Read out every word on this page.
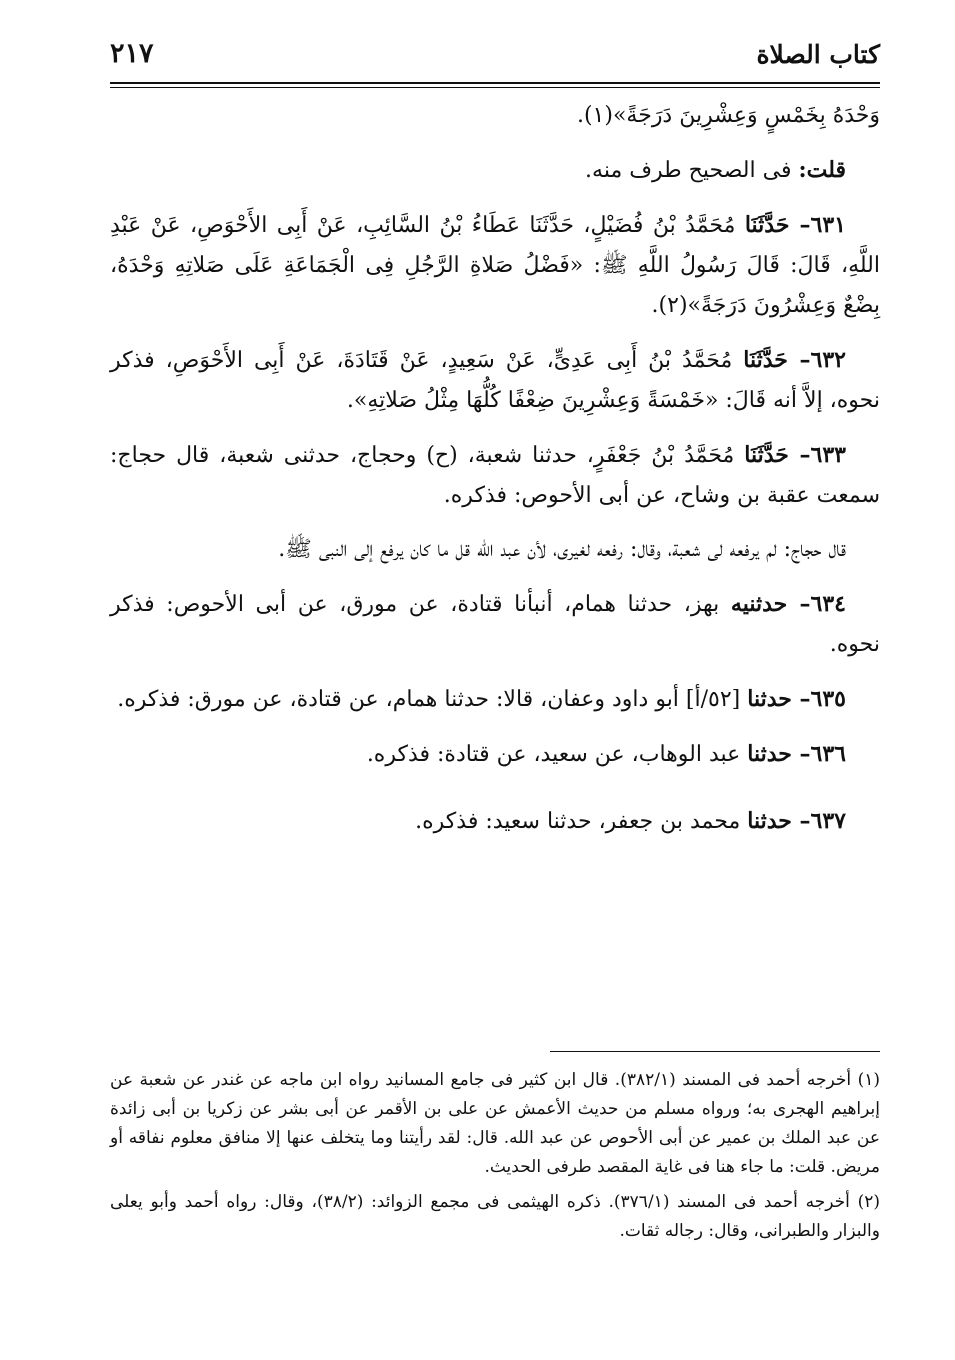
كتاب الصلاة
٢١٧

وَحْدَهُ بِخَمْسٍ وَعِشْرِينَ دَرَجَةً»(١).

قلت: فى الصحيح طرف منه.

٦٣١– حَدَّثَنَا مُحَمَّدُ بْنُ فُضَيْلٍ، حَدَّثَنَا عَطَاءُ بْنُ السَّائِبِ، عَنْ أَبِى الأَحْوَصِ، عَنْ عَبْدِ اللَّهِ، قَالَ: قَالَ رَسُولُ اللَّهِ ﷺ: «فَضْلُ صَلاةِ الرَّجُلِ فِى الْجَمَاعَةِ عَلَى صَلاتِهِ وَحْدَهُ، بِضْعٌ وَعِشْرُونَ دَرَجَةً»(٢).

٦٣٢– حَدَّثَنَا مُحَمَّدُ بْنُ أَبِى عَدِىٍّ، عَنْ سَعِيدٍ، عَنْ قَتَادَةَ، عَنْ أَبِى الأَحْوَصِ، فذكر نحوه، إلاَّ أنه قَالَ: «خَمْسَةً وَعِشْرِينَ ضِعْفًا كُلُّهَا مِثْلُ صَلاتِهِ».

٦٣٣– حَدَّثَنَا مُحَمَّدُ بْنُ جَعْفَرٍ، حدثنا شعبة، (ح) وحجاج، حدثنى شعبة، قال حجاج: سمعت عقبة بن وشاح، عن أبى الأحوص: فذكره.

قال حجاج: لم يرفعه لى شعبة، وقال: رفعه لغيرى، لأن عبد الله قل ما كان يرفع إلى النبى ﷺ.

٦٣٤– حدثنيه بهز، حدثنا همام، أنبأنا قتادة، عن مورق، عن أبى الأحوص: فذكر نحوه.

٦٣٥– حدثنا [٥٢/أ] أبو داود وعفان، قالا: حدثنا همام، عن قتادة، عن مورق: فذكره.

٦٣٦– حدثنا عبد الوهاب، عن سعيد، عن قتادة: فذكره.

٦٣٧– حدثنا محمد بن جعفر، حدثنا سعيد: فذكره.

(١) أخرجه أحمد فى المسند (٣٨٢/١). قال ابن كثير فى جامع المسانيد رواه ابن ماجه عن غندر عن شعبة عن إبراهيم الهجرى به؛ ورواه مسلم من حديث الأعمش عن على بن الأقمر عن أبى بشر عن زكريا بن أبى زائدة عن عبد الملك بن عمير عن أبى الأحوص عن عبد الله. قال: لقد رأيتنا وما يتخلف عنها إلا منافق معلوم نفاقه أو مريض. قلت: ما جاء هنا فى غاية المقصد طرفى الحديث.

(٢) أخرجه أحمد فى المسند (٣٧٦/١). ذكره الهيثمى فى مجمع الزوائد: (٣٨/٢)، وقال: رواه أحمد وأبو يعلى والبزار والطبرانى، وقال: رجاله ثقات.
